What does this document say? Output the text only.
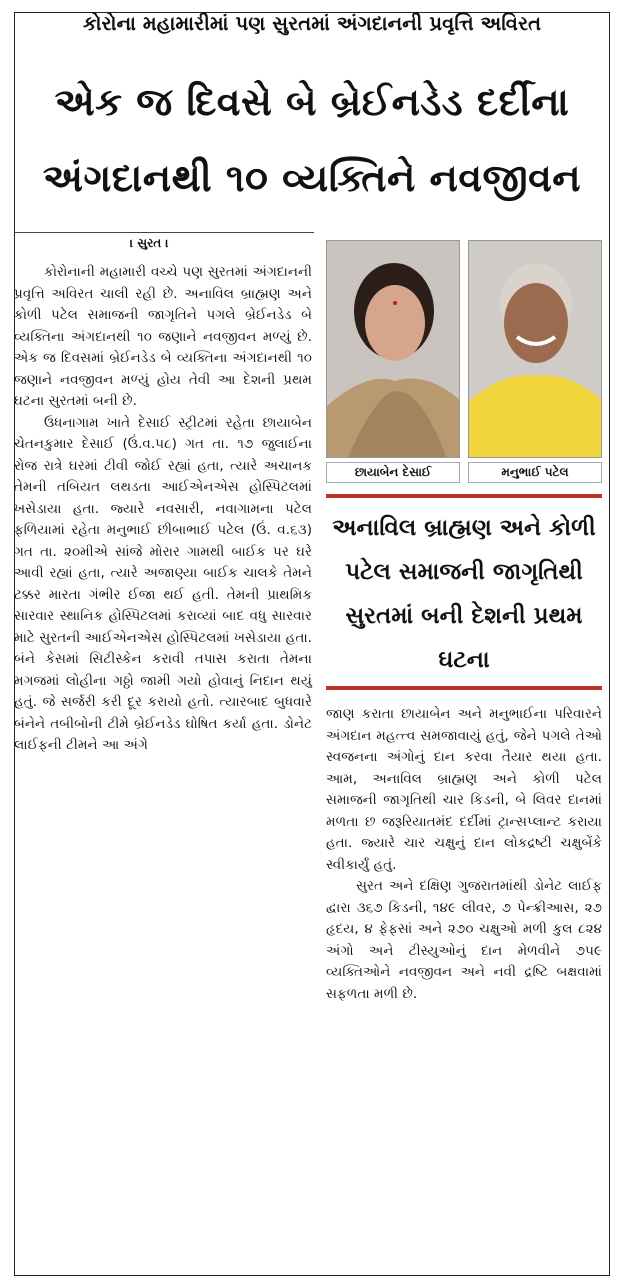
કોરોના મહામારીમાં પણ સુરતમાં અંગદાનની પ્રવૃત્તિ અવિરત
એક જ દિવસે બે બ્રેઈનડેડ દર્દીના
અંગદાનથી ૧૦ વ્યક્તિને નવજીવન
। સુરત ।

કોરોનાની મહામારી વચ્ચે પણ સુરતમાં અંગદાનની પ્રવૃત્તિ અવિરત ચાલી રહી છે. અનાવિલ બ્રાહ્મણ અને કોળી પટેલ સમાજની જાગૃતિને પગલે બ્રેઈનડેડ બે વ્યક્તિના અંગદાનથી ૧૦ જણાને નવજીવન મળ્યું છે. એક જ દિવસમાં બ્રેઈનડેડ બે વ્યક્તિના અંગદાનથી ૧૦ જણાને નવજીવન મળ્યું હોય તેવી આ દેશની પ્રથમ ઘટના સુરતમાં બની છે.

ઉધનાગામ ખાતે દેસાઈ સ્ટ્રીટમાં રહેતા છાયાબેન ચેતનકુમાર દેસાઈ (ઉં.વ.૫૮) ગત તા. ૧૭ જુલાઈના રોજ રાત્રે ઘરમાં ટીવી જોઈ રહ્યાં હતા, ત્યારે અચાનક તેમની તબિયત લથડતા આઈએનએસ હોસ્પિટલમાં ખસેડાયા હતા. જ્યારે નવસારી, નવાગામના પટેલ ફળિયામાં રહેતા મનુભાઈ છીબાભાઈ પટેલ (ઉં. વ.૬૩) ગત તા. ૨૦મીએ સાંજે મોરાર ગામથી બાઈક પર ઘરે આવી રહ્યાં હતા, ત્યારે અજાણ્યા બાઈક ચાલકે તેમને ટક્કર મારતા ગંભીર ઈજા થઈ હતી. તેમની પ્રાથમિક સારવાર સ્થાનિક હોસ્પિટલમાં કરાવ્યાં બાદ વધુ સારવાર માટે સુરતની આઈએનએસ હોસ્પિટલમાં ખસેડાયા હતા. બંને કેસમાં સિટીસ્કેન કરાવી તપાસ કરાતા તેમના મગજમાં લોહીના ગઠ્ઠો જામી ગયો હોવાનું નિદાન થયું હતું. જે સર્જરી કરી દૂર કરાયો હતો. ત્યારબાદ બુધવારે બંનેને તબીબોની ટીમે બ્રેઈનડેડ ઘોષિત કર્યા હતા. ડોનેટ લાઈફની ટીમને આ અંગે

છાયાબેન દેસાઈ	મનુભાઈ પટેલ
અનાવિલ બ્રાહ્મણ અને કોળી પટેલ સમાજની જાગૃતિથી સુરતમાં બની દેશની પ્રથમ ઘટના

જાણ કરાતા છાયાબેન અને મનુભાઈના પરિવારને અંગદાન મહત્ત્વ સમજાવાયું હતું, જેને પગલે તેઓ સ્વજનના અંગોનું દાન કરવા તૈયાર થયા હતા. આમ, અનાવિલ બ્રાહ્મણ અને કોળી પટેલ સમાજની જાગૃતિથી ચાર કિડની, બે લિવર દાનમાં મળતા છ જરૂરિયાતમંદ દર્દીમાં ટ્રાન્સપ્લાન્ટ કરાયા હતા. જ્યારે ચાર ચક્ષુનું દાન લોકદ્રષ્ટી ચક્ષુબેંકે સ્વીકાર્યું હતું.

સુરત અને દક્ષિણ ગુજરાતમાંથી ડોનેટ લાઈફ દ્વારા ૩૬૭ કિડની, ૧૪૯ લીવર, ૭ પેન્ક્રીઆસ, ૨૭ હૃદય, ૪ ફેફસાં અને ૨૭૦ ચક્ષુઓ મળી કુલ ૮૨૪ અંગો અને ટીસ્યુઓનું દાન મેળવીને ૭૫૯ વ્યક્તિઓને નવજીવન અને નવી દ્રષ્ટિ બક્ષવામાં સફળતા મળી છે.
